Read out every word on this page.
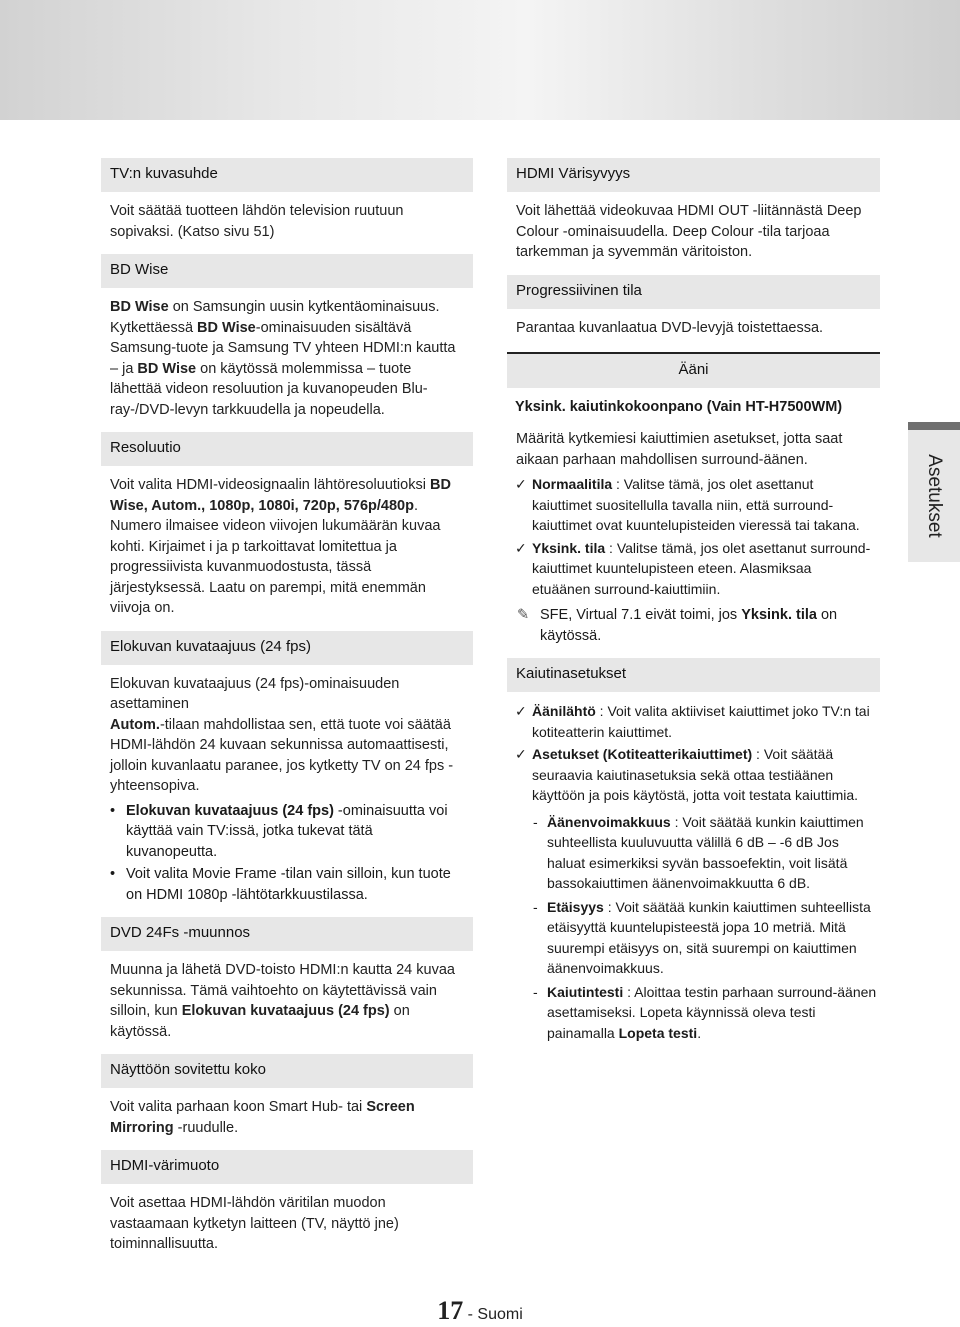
TV:n kuvasuhde

Voit säätää tuotteen lähdön television ruutuun sopivaksi. (Katso sivu 51)

BD Wise

BD Wise on Samsungin uusin kytkentäominaisuus. Kytkettäessä BD Wise-ominaisuuden sisältävä Samsung-tuote ja Samsung TV yhteen HDMI:n kautta – ja BD Wise on käytössä molemmissa – tuote lähettää videon resoluution ja kuvanopeuden Blu-ray-/DVD-levyn tarkkuudella ja nopeudella.

Resoluutio

Voit valita HDMI-videosignaalin lähtöresoluutioksi BD Wise, Autom., 1080p, 1080i, 720p, 576p/480p. Numero ilmaisee videon viivojen lukumäärän kuvaa kohti. Kirjaimet i ja p tarkoittavat lomitettua ja progressiivista kuvanmuodostusta, tässä järjestyksessä. Laatu on parempi, mitä enemmän viivoja on.

Elokuvan kuvataajuus (24 fps)

Elokuvan kuvataajuus (24 fps)-ominaisuuden asettaminen
Autom.-tilaan mahdollistaa sen, että tuote voi säätää HDMI-lähdön 24 kuvaan sekunnissa automaattisesti, jolloin kuvanlaatu paranee, jos kytketty TV on 24 fps -yhteensopiva.

• Elokuvan kuvataajuus (24 fps) -ominaisuutta voi käyttää vain TV:issä, jotka tukevat tätä kuvanopeutta.
• Voit valita Movie Frame -tilan vain silloin, kun tuote on HDMI 1080p -lähtötarkkuustilassa.
DVD 24Fs -muunnos

Muunna ja lähetä DVD-toisto HDMI:n kautta 24 kuvaa sekunnissa. Tämä vaihtoehto on käytettävissä vain silloin, kun Elokuvan kuvataajuus (24 fps) on käytössä.

Näyttöön sovitettu koko

Voit valita parhaan koon Smart Hub- tai Screen Mirroring -ruudulle.

HDMI-värimuoto

Voit asettaa HDMI-lähdön väritilan muodon vastaamaan kytketyn laitteen (TV, näyttö jne) toiminnallisuutta.

HDMI Värisyvyys

Voit lähettää videokuvaa HDMI OUT -liitännästä Deep Colour -ominaisuudella. Deep Colour -tila tarjoaa tarkemman ja syvemmän väritoiston.

Progressiivinen tila

Parantaa kuvanlaatua DVD-levyjä toistettaessa.

Ääni

Yksink. kaiutinkokoonpano (Vain HT-H7500WM)

Määritä kytkemiesi kaiuttimien asetukset, jotta saat aikaan parhaan mahdollisen surround-äänen.

✓ Normaalitila : Valitse tämä, jos olet asettanut kaiuttimet suositellulla tavalla niin, että surround-kaiuttimet ovat kuuntelupisteiden vieressä tai takana.
✓ Yksink. tila : Valitse tämä, jos olet asettanut surround-kaiuttimet kuuntelupisteen eteen. Alasmiksaa etuäänen surround-kaiuttimiin.

✎ SFE, Virtual 7.1 eivät toimi, jos Yksink. tila on käytössä.

Kaiutinasetukset
✓ Äänilähtö : Voit valita aktiiviset kaiuttimet joko TV:n tai kotiteatterin kaiuttimet.
✓ Asetukset (Kotiteatterikaiuttimet) : Voit säätää seuraavia kaiutinasetuksia sekä ottaa testiäänen käyttöön ja pois käytöstä, jotta voit testata kaiuttimia.
- Äänenvoimakkuus : Voit säätää kunkin kaiuttimen suhteellista kuuluvuutta välillä 6 dB – -6 dB Jos haluat esimerkiksi syvän bassoefektin, voit lisätä bassokaiuttimen äänenvoimakkuutta 6 dB.
- Etäisyys : Voit säätää kunkin kaiuttimen suhteellista etäisyyttä kuuntelupisteestä jopa 10 metriä. Mitä suurempi etäisyys on, sitä suurempi on kaiuttimen äänenvoimakkuus.
- Kaiutintesti : Aloittaa testin parhaan surround-äänen asettamiseksi. Lopeta käynnissä oleva testi painamalla Lopeta testi.
Asetukset
17 - Suomi
